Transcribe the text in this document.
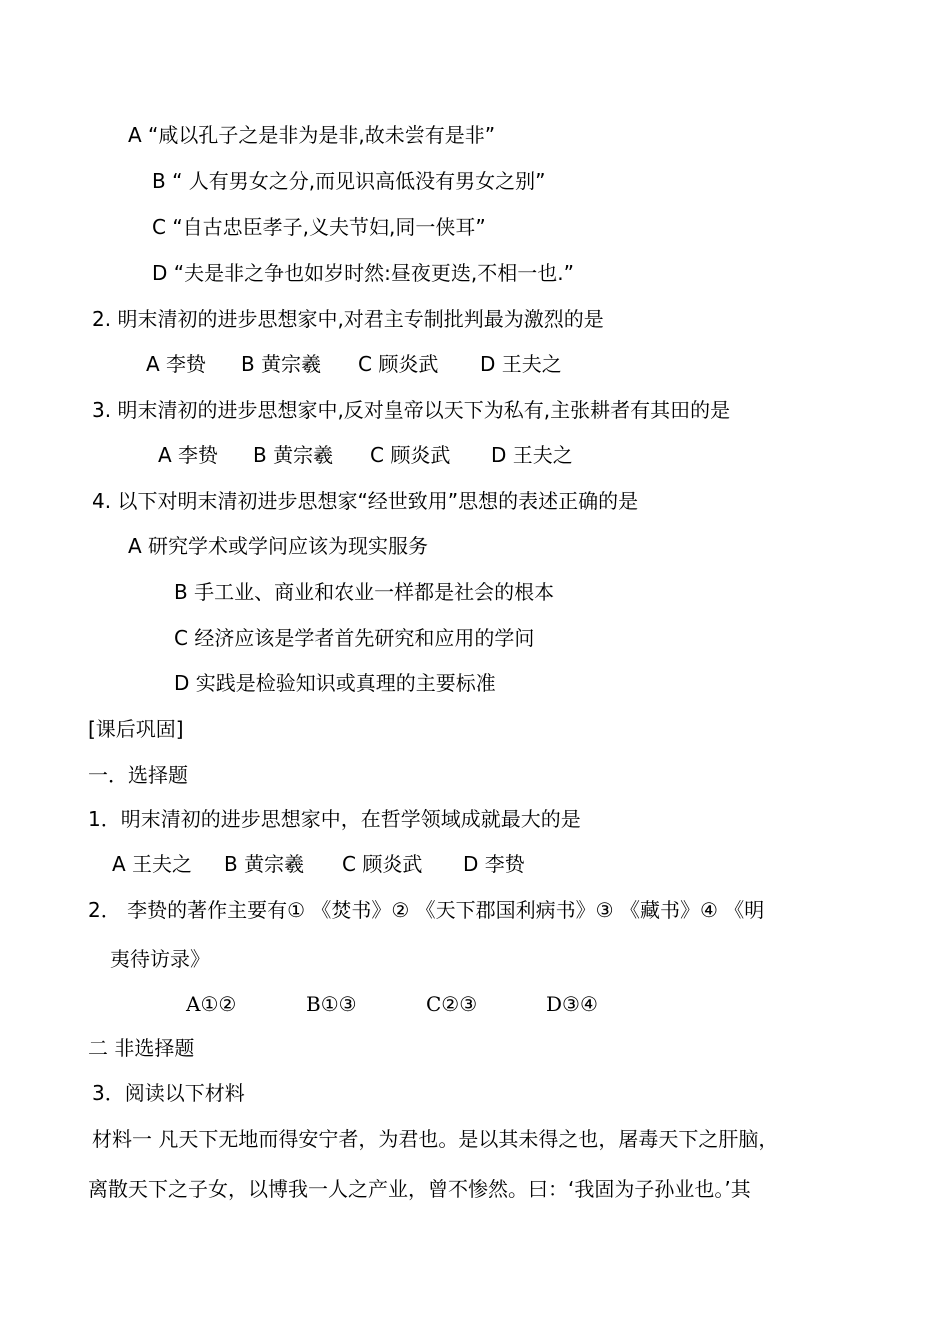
A “咸以孔子之是非为是非,故未尝有是非”
B “ 人有男女之分,而见识高低没有男女之别”
C “自古忠臣孝子,义夫节妇,同一侠耳”
D “夫是非之争也如岁时然:昼夜更迭,不相一也.”
2. 明末清初的进步思想家中,对君主专制批判最为激烈的是
A 李贽 B 黄宗羲 C 顾炎武 D 王夫之
3. 明末清初的进步思想家中,反对皇帝以天下为私有,主张耕者有其田的是
A 李贽 B 黄宗羲 C 顾炎武 D 王夫之
4. 以下对明末清初进步思想家“经世致用”思想的表述正确的是
A 研究学术或学问应该为现实服务
B 手工业、商业和农业一样都是社会的根本
C 经济应该是学者首先研究和应用的学问
D 实践是检验知识或真理的主要标准
[课后巩固]
一．选择题
1．明末清初的进步思想家中，在哲学领域成就最大的是
A 王夫之 B 黄宗羲 C 顾炎武 D 李贽
2． 李贽的著作主要有① 《焚书》② 《天下郡国利病书》③ 《藏书》④ 《明
夷待访录》
A①②	B①③	C②③	D③④
二 非选择题
3．阅读以下材料
材料一 凡天下无地而得安宁者，为君也。是以其未得之也，屠毒天下之肝脑，
离散天下之子女，以博我一人之产业，曾不惨然。曰：‘我固为子孙业也。’其
